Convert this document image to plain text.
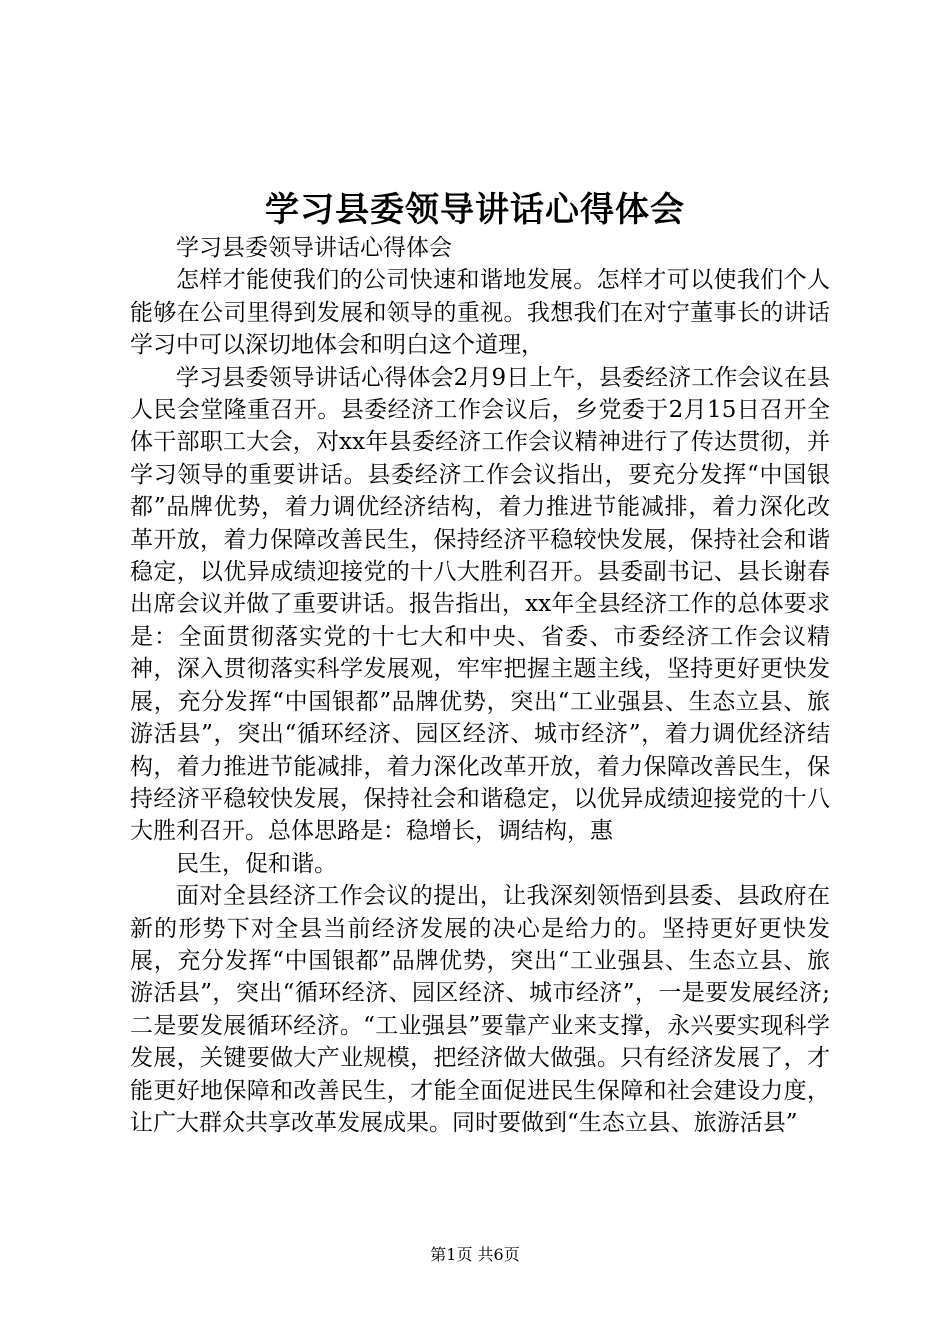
学习县委领导讲话心得体会

学习县委领导讲话心得体会

怎样才能使我们的公司快速和谐地发展。怎样才可以使我们个人能够在公司里得到发展和领导的重视。我想我们在对宁董事长的讲话学习中可以深切地体会和明白这个道理，

学习县委领导讲话心得体会2月9日上午，县委经济工作会议在县人民会堂隆重召开。县委经济工作会议后，乡党委于2月15日召开全体干部职工大会，对xx年县委经济工作会议精神进行了传达贯彻，并学习领导的重要讲话。县委经济工作会议指出，要充分发挥“中国银都”品牌优势，着力调优经济结构，着力推进节能减排，着力深化改革开放，着力保障改善民生，保持经济平稳较快发展，保持社会和谐稳定，以优异成绩迎接党的十八大胜利召开。县委副书记、县长谢春出席会议并做了重要讲话。报告指出，xx年全县经济工作的总体要求是：全面贯彻落实党的十七大和中央、省委、市委经济工作会议精神，深入贯彻落实科学发展观，牢牢把握主题主线，坚持更好更快发展，充分发挥“中国银都”品牌优势，突出“工业强县、生态立县、旅游活县”，突出“循环经济、园区经济、城市经济”，着力调优经济结构，着力推进节能减排，着力深化改革开放，着力保障改善民生，保持经济平稳较快发展，保持社会和谐稳定，以优异成绩迎接党的十八大胜利召开。总体思路是：稳增长，调结构，惠

民生，促和谐。

面对全县经济工作会议的提出，让我深刻领悟到县委、县政府在新的形势下对全县当前经济发展的决心是给力的。坚持更好更快发展，充分发挥“中国银都”品牌优势，突出“工业强县、生态立县、旅游活县”，突出“循环经济、园区经济、城市经济”，一是要发展经济;二是要发展循环经济。“工业强县”要靠产业来支撑，永兴要实现科学发展，关键要做大产业规模，把经济做大做强。只有经济发展了，才能更好地保障和改善民生，才能全面促进民生保障和社会建设力度，让广大群众共享改革发展成果。同时要做到“生态立县、旅游活县”

第1页 共6页
